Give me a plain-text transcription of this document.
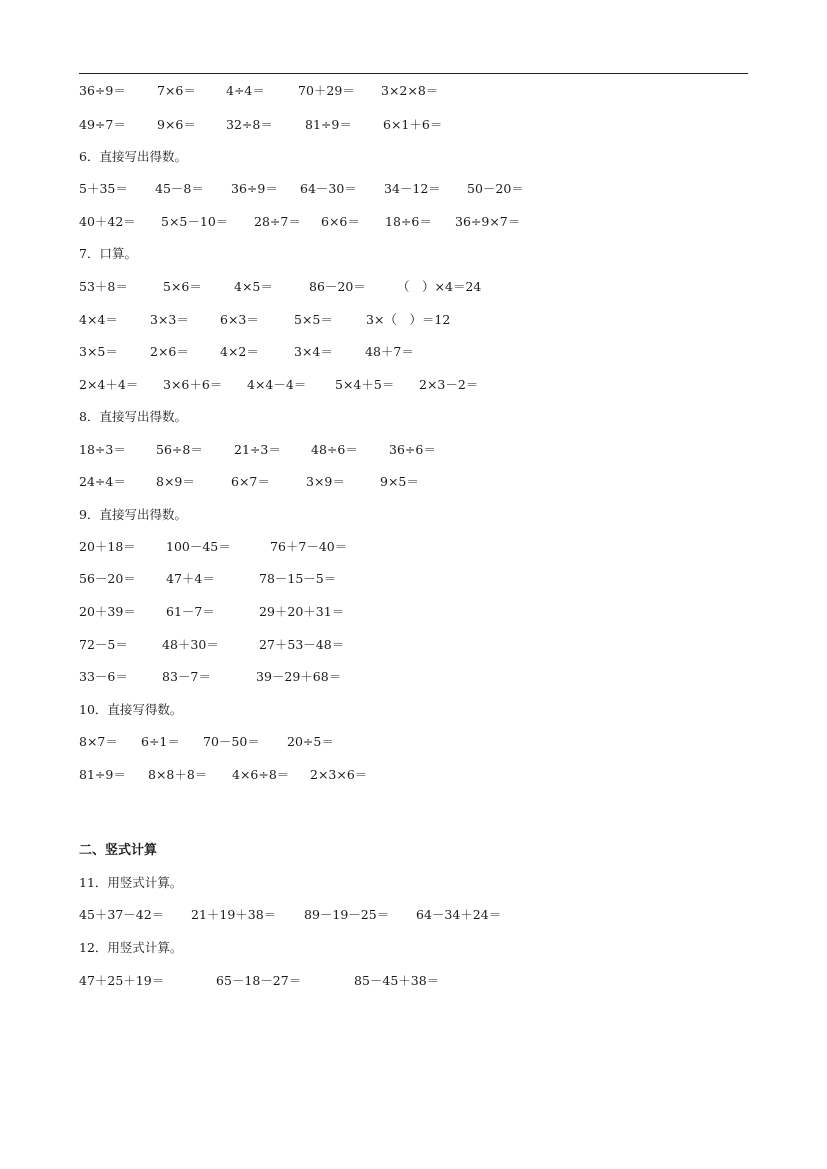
36÷9＝ 7×6＝ 4÷4＝	70＋29＝ 3×2×8＝
49÷7＝ 9×6＝ 32÷8＝	81÷9＝ 6×1＋6＝
6．直接写出得数。
5＋35＝ 45－8＝ 36÷9＝ 64－30＝ 34－12＝ 50－20＝
40＋42＝ 5×5－10＝ 28÷7＝ 6×6＝ 18÷6＝ 36÷9×7＝
7．口算。
53＋8＝	5×6＝	4×5＝	86－20＝ （　）×4＝24
4×4＝	3×3＝ 6×3＝	5×5＝	3×（　）＝12
3×5＝	2×6＝ 4×2＝	3×4＝	48＋7＝
2×4＋4＝ 3×6＋6＝ 4×4－4＝ 5×4＋5＝ 2×3－2＝
8．直接写出得数。
18÷3＝ 56÷8＝ 21÷3＝ 48÷6＝ 36÷6＝
24÷4＝ 8×9＝	6×7＝	3×9＝	9×5＝
9．直接写出得数。
20＋18＝ 100－45＝	76＋7－40＝
56－20＝ 47＋4＝	78－15－5＝
20＋39＝ 61－7＝	29＋20＋31＝
72－5＝	48＋30＝	27＋53－48＝
33－6＝	83－7＝	39－29＋68＝
10．直接写得数。
8×7＝ 6÷1＝ 70－50＝ 20÷5＝
81÷9＝ 8×8＋8＝ 4×6÷8＝ 2×3×6＝
二、竖式计算
11．用竖式计算。
45＋37－42＝ 21＋19＋38＝ 89－19－25＝ 64－34＋24＝
12．用竖式计算。
47＋25＋19＝	65－18－27＝	85－45＋38＝
